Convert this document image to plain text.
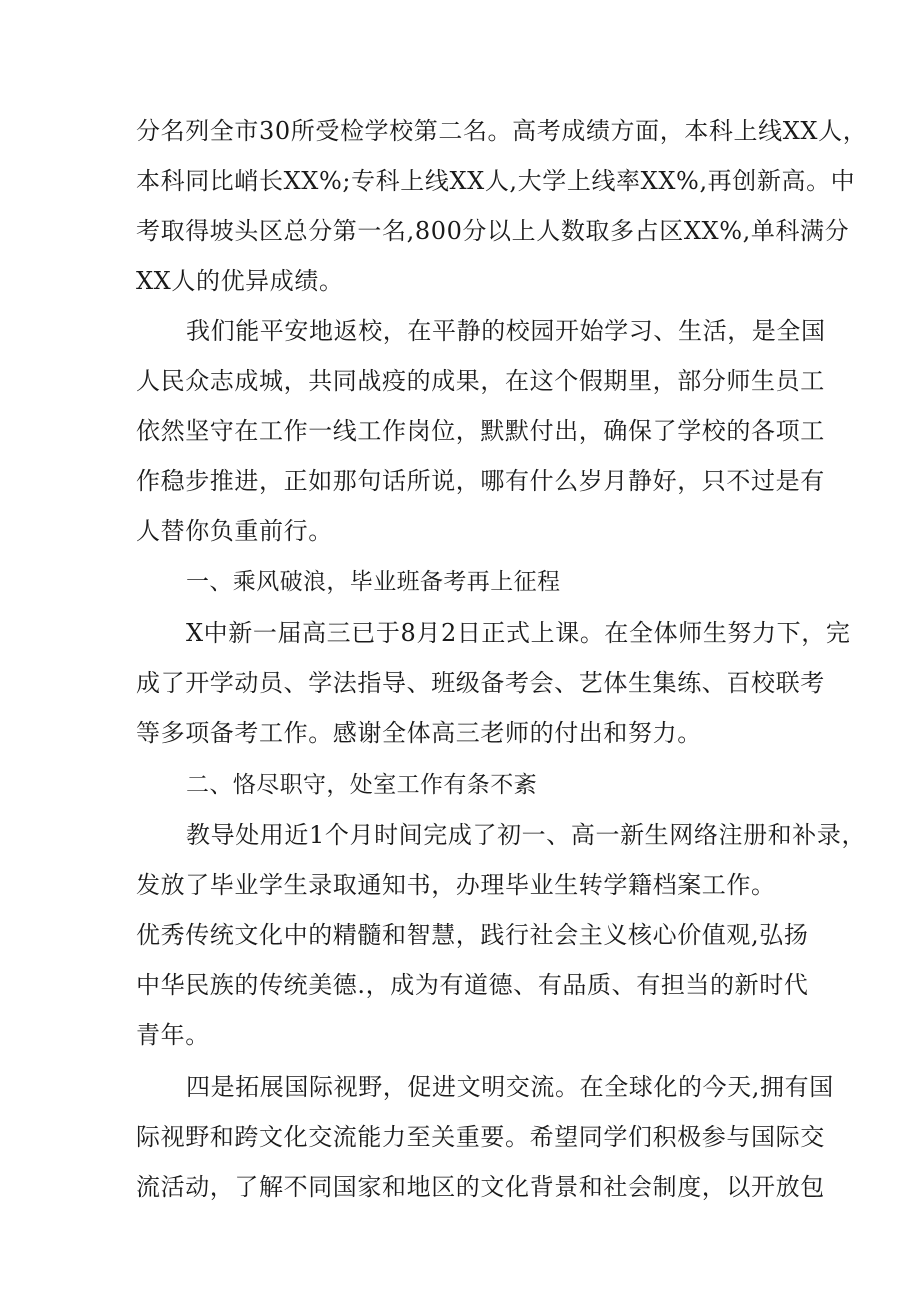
分名列全市30所受检学校第二名。高考成绩方面，本科上线XX人，
本科同比峭长XX%;专科上线XX人,大学上线率XX%,再创新高。中
考取得坡头区总分第一名,800分以上人数取多占区XX%,单科满分
XX人的优异成绩。
我们能平安地返校，在平静的校园开始学习、生活，是全国
人民众志成城，共同战疫的成果，在这个假期里，部分师生员工
依然坚守在工作一线工作岗位，默默付出，确保了学校的各项工
作稳步推进，正如那句话所说，哪有什么岁月静好，只不过是有
人替你负重前行。
一、乘风破浪，毕业班备考再上征程
X中新一届高三已于8月2日正式上课。在全体师生努力下，完
成了开学动员、学法指导、班级备考会、艺体生集练、百校联考
等多项备考工作。感谢全体高三老师的付出和努力。
二、恪尽职守，处室工作有条不紊
教导处用近1个月时间完成了初一、高一新生网络注册和补录，
发放了毕业学生录取通知书，办理毕业生转学籍档案工作。
优秀传统文化中的精髓和智慧，践行社会主义核心价值观,弘扬
中华民族的传统美德.，成为有道德、有品质、有担当的新时代
青年。
四是拓展国际视野，促进文明交流。在全球化的今天,拥有国
际视野和跨文化交流能力至关重要。希望同学们积极参与国际交
流活动，了解不同国家和地区的文化背景和社会制度，以开放包
